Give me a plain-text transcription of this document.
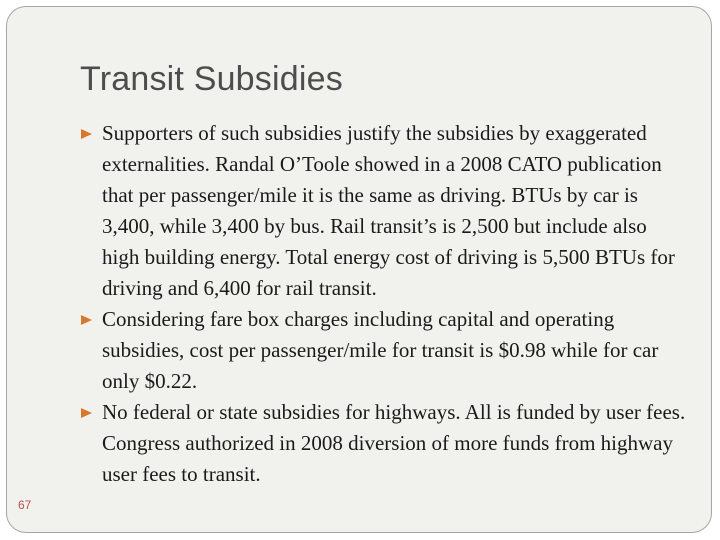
Transit Subsidies
Supporters of such subsidies justify the subsidies by exaggerated externalities. Randal O’Toole showed in a 2008 CATO publication that per passenger/mile it is the same as driving. BTUs by car is 3,400, while 3,400 by bus. Rail transit’s is 2,500 but include also high building energy. Total energy cost of driving is 5,500 BTUs for driving and 6,400 for rail transit.
Considering fare box charges including capital and operating subsidies, cost per passenger/mile for transit is $0.98 while for car only $0.22.
No federal or state subsidies for highways. All is funded by user fees. Congress authorized in 2008 diversion of more funds from highway user fees to transit.
67
